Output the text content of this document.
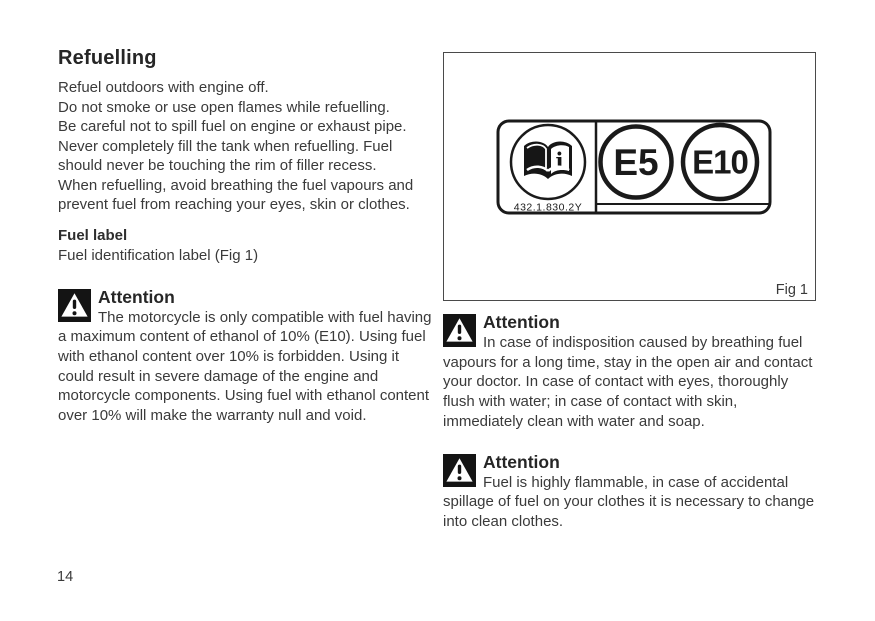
Refuelling
Refuel outdoors with engine off.
Do not smoke or use open flames while refuelling.
Be careful not to spill fuel on engine or exhaust pipe.
Never completely fill the tank when refuelling. Fuel should never be touching the rim of filler recess.
When refuelling, avoid breathing the fuel vapours and prevent fuel from reaching your eyes, skin or clothes.
Fuel label
Fuel identification label (Fig 1)
Attention
The motorcycle is only compatible with fuel having a maximum content of ethanol of 10% (E10). Using fuel with ethanol content over 10% is forbidden. Using it could result in severe damage of the engine and motorcycle components. Using fuel with ethanol content over 10% will make the warranty null and void.
i
432.1.830.2Y
E5 E10
Fig 1
Attention
In case of indisposition caused by breathing fuel vapours for a long time, stay in the open air and contact your doctor. In case of contact with eyes, thoroughly flush with water; in case of contact with skin, immediately clean with water and soap.
Attention
Fuel is highly flammable, in case of accidental spillage of fuel on your clothes it is necessary to change into clean clothes.
14
